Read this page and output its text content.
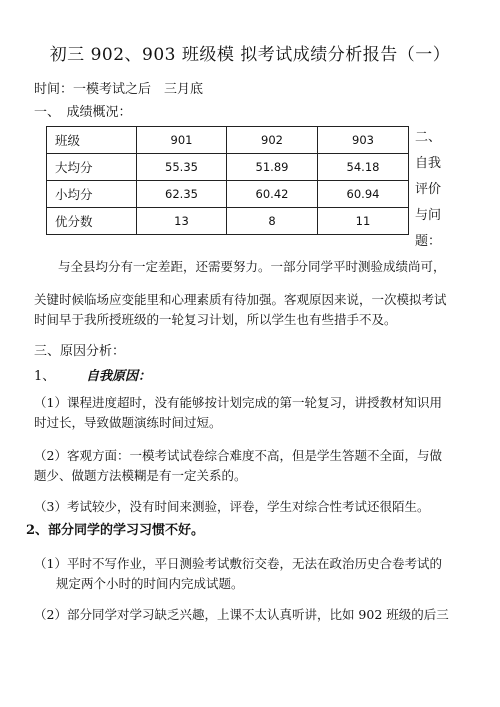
初三 902、903 班级模 拟考试成绩分析报告（一）
时间：一模考试之后　三月底
一、　成绩概况：
班级	901	902	903
大均分	55.35	51.89	54.18
小均分	62.35	60.42	60.94
优分数	13	8	11
二、
自我
评价
与问
题：
与全县均分有一定差距，还需要努力。一部分同学平时测验成绩尚可，
关键时候临场应变能里和心理素质有待加强。客观原因来说，一次模拟考试
时间早于我所授班级的一轮复习计划，所以学生也有些措手不及。
三、原因分析：
1、 自我原因：
（1）课程进度超时，没有能够按计划完成的第一轮复习，讲授教材知识用
时过长，导致做题演练时间过短。
（2）客观方面：一模考试试卷综合难度不高，但是学生答题不全面，与做
题少、做题方法模糊是有一定关系的。
（3）考试较少，没有时间来测验，评卷，学生对综合性考试还很陌生。
2、部分同学的学习习惯不好。
（1）平时不写作业，平日测验考试敷衍交卷，无法在政治历史合卷考试的
规定两个小时的时间内完成试题。
（2）部分同学对学习缺乏兴趣，上课不太认真听讲，比如 902 班级的后三
